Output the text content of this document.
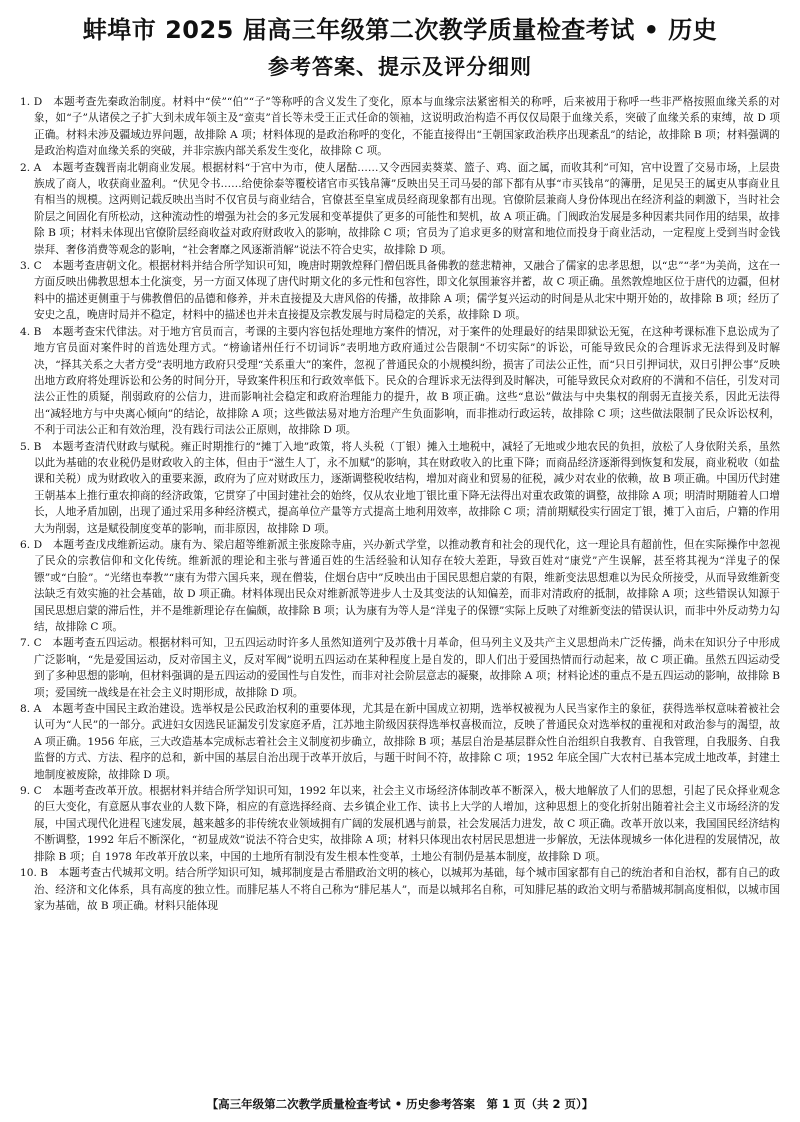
蚌埠市 2025 届高三年级第二次教学质量检查考试 • 历史
参考答案、提示及评分细则

1. D　本题考查先秦政治制度。材料中“侯”“伯”“子”等称呼的含义发生了变化，原本与血缘宗法紧密相关的称呼，后来被用于称呼一些非严格按照血缘关系的对象，如“子”从诸侯之子扩大到未成年领主及“蛮夷”首长等未受王正式任命的领袖，这说明政治构造不再仅仅局限于血缘关系，突破了血缘关系的束缚，故 D 项正确。材料未涉及疆域边界问题，故排除 A 项；材料体现的是政治称呼的变化，不能直接得出“王朝国家政治秩序出现紊乱”的结论，故排除 B 项；材料强调的是政治构造对血缘关系的突破，并非宗族内部关系发生变化，故排除 C 项。

2. A　本题考查魏晋南北朝商业发展。根据材料“于宫中为市，使人屠酤……又令西园卖葵菜、篮子、鸡、面之属，而收其利”可知，宫中设置了交易市场，上层贵族成了商人，收获商业盈利。“伏见令书……给使徐泰等覆校诸官市买钱帛簿”反映出吴王司马晏的部下都有从事“市买钱帛”的簿册，足见吴王的属吏从事商业且有相当的规模。这两则记载反映出当时不仅官员与商业结合，官僚甚至皇室成员经商现象都有出现。官僚阶层兼商人身份体现出在经济利益的刺激下，当时社会阶层之间固化有所松动，这种流动性的增强为社会的多元发展和变革提供了更多的可能性和契机，故 A 项正确。门阀政治发展是多种因素共同作用的结果，故排除 B 项；材料未体现出官僚阶层经商收益对政府财政收入的影响，故排除 C 项；官员为了追求更多的财富和地位而投身于商业活动，一定程度上受到当时金钱崇拜、奢侈消费等观念的影响，“社会奢靡之风逐渐消解”说法不符合史实，故排除 D 项。

3. C　本题考查唐朝文化。根据材料并结合所学知识可知，晚唐时期敦煌释门僧侣既具备佛教的慈悲精神，又融合了儒家的忠孝思想，以“忠”“孝”为美尚，这在一方面反映出佛教思想本土化演变，另一方面又体现了唐代时期文化的多元性和包容性，即文化氛围兼容并蓄，故 C 项正确。虽然敦煌地区位于唐代的边疆，但材料中的描述更侧重于与佛教僧侣的品德和修养，并未直接提及大唐风俗的传播，故排除 A 项；儒学复兴运动的时间是从北宋中期开始的，故排除 B 项；经历了安史之乱，晚唐时局并不稳定，材料中的描述也并未直接提及宗教发展与时局稳定的关系，故排除 D 项。

4. B　本题考查宋代律法。对于地方官员而言，考课的主要内容包括处理地方案件的情况，对于案件的处理最好的结果即狱讼无冤，在这种考课标准下息讼成为了地方官员面对案件时的首选处理方式。“榜谕诸州任行不切词诉”表明地方政府通过公告限制“不切实际”的诉讼，可能导致民众的合理诉求无法得到及时解决，“择其关系之大者方受”表明地方政府只受理“关系重大”的案件，忽视了普通民众的小规模纠纷，损害了司法公正性，而“只日引押词状，双日引押公事”反映出地方政府将处理诉讼和公务的时间分开，导致案件积压和行政效率低下。民众的合理诉求无法得到及时解决，可能导致民众对政府的不满和不信任，引发对司法公正性的质疑，削弱政府的公信力，进而影响社会稳定和政府治理能力的提升，故 B 项正确。这些“息讼”做法与中央集权的削弱无直接关系，因此无法得出“减轻地方与中央离心倾向”的结论，故排除 A 项；这些做法易对地方治理产生负面影响，而非推动行政运转，故排除 C 项；这些做法限制了民众诉讼权利，不利于司法公正和有效治理，没有践行司法公正原则，故排除 D 项。

5. B　本题考查清代财政与赋税。雍正时期推行的“摊丁入地”政策，将人头税（丁银）摊入土地税中，减轻了无地或少地农民的负担，放松了人身依附关系，虽然以此为基础的农业税仍是财政收入的主体，但由于“滋生人丁，永不加赋”的影响，其在财政收入的比重下降；而商品经济逐渐得到恢复和发展，商业税收（如盐课和关税）成为财政收入的重要来源，政府为了应对财政压力，逐渐调整税收结构，增加对商业和贸易的征税，减少对农业的依赖，故 B 项正确。中国历代封建王朝基本上推行重农抑商的经济政策，它贯穿了中国封建社会的始终，仅从农业地丁银比重下降无法得出对重农政策的调整，故排除 A 项；明清时期随着人口增长，人地矛盾加剧，出现了通过采用多种经济模式，提高单位产量等方式提高土地利用效率，故排除 C 项；清前期赋役实行固定丁银，摊丁入亩后，户籍的作用大为削弱，这是赋役制度变革的影响，而非原因，故排除 D 项。

6. D　本题考查戊戌维新运动。康有为、梁启超等维新派主张废除寺庙，兴办新式学堂，以推动教育和社会的现代化，这一理论具有超前性，但在实际操作中忽视了民众的宗教信仰和文化传统。维新派的理论和主张与普通百姓的生活经验和认知存在较大差距，导致百姓对“康党”产生误解，甚至将其视为“洋鬼子的保镖”或“白脸”。“光绪也奉教”“康有为带六国兵来，现在僧装，住烟台店中”反映出由于国民思想启蒙的有限，维新变法思想难以为民众所接受，从而导致维新变法缺乏有效实施的社会基础，故 D 项正确。材料体现出民众对维新派等进步人士及其变法的认知偏差，而非对清政府的抵制，故排除 A 项；这些错误认知源于国民思想启蒙的滞后性，并不是维新理论存在偏颇，故排除 B 项；认为康有为等人是“洋鬼子的保镖”实际上反映了对维新变法的错误认识，而非中外反动势力勾结，故排除 C 项。

7. C　本题考查五四运动。根据材料可知，卫五四运动时许多人虽然知道列宁及苏俄十月革命，但马列主义及共产主义思想尚未广泛传播，尚未在知识分子中形成广泛影响，“先是爱国运动，反对帝国主义，反对军阀”说明五四运动在某种程度上是自发的，即人们出于爱国热情而行动起来，故 C 项正确。虽然五四运动受到了多种思想的影响，但材料强调的是五四运动的爱国性与自发性，而非对社会阶层意志的凝聚，故排除 A 项；材料论述的重点不是五四运动的影响，故排除 B 项；爱国统一战线是在社会主义时期形成，故排除 D 项。

8. A　本题考查中国民主政治建设。选举权是公民政治权利的重要体现，尤其是在新中国成立初期，选举权被视为人民当家作主的象征，获得选举权意味着被社会认可为“人民”的一部分。武进妇女因选民证漏发引发家庭矛盾，江苏地主阶级因获得选举权喜极而泣，反映了普通民众对选举权的重视和对政治参与的渴望，故 A 项正确。1956 年底，三大改造基本完成标志着社会主义制度初步确立，故排除 B 项；基层自治是基层群众性自治组织自我教育、自我管理，自我服务、自我监督的方式、方法、程序的总和，新中国的基层自治出现于改革开放后，与题干时间不符，故排除 C 项；1952 年底全国广大农村已基本完成土地改革，封建土地制度被废除，故排除 D 项。

9. C　本题考查改革开放。根据材料并结合所学知识可知，1992 年以来，社会主义市场经济体制改革不断深入，极大地解放了人们的思想，引起了民众择业观念的巨大变化，有意愿从事农业的人数下降，相应的有意选择经商、去乡镇企业工作、读书上大学的人增加，这种思想上的变化折射出随着社会主义市场经济的发展，中国式现代化进程飞速发展，越来越多的非传统农业领域拥有广阔的发展机遇与前景，社会发展活力进发，故 C 项正确。改革开放以来，我国国民经济结构不断调整，1992 年后不断深化，“初显成效”说法不符合史实，故排除 A 项；材料只体现出农村居民思想进一步解放，无法体现城乡一体化进程的发展情况，故排除 B 项；自 1978 年改革开放以来，中国的土地所有制没有发生根本性变革，土地公有制仍是基本制度，故排除 D 项。

10. B　本题考查古代城邦文明。结合所学知识可知，城邦制度是古希腊政治文明的核心，以城邦为基础，每个城市国家都有自己的统治者和自治权，都有自己的政治、经济和文化体系，具有高度的独立性。而腓尼基人不将自己称为“腓尼基人”，而是以城邦名自称，可知腓尼基的政治文明与希腊城邦制高度相似，以城市国家为基础，故 B 项正确。材料只能体现

【高三年级第二次教学质量检查考试 • 历史参考答案　第 1 页（共 2 页）】
